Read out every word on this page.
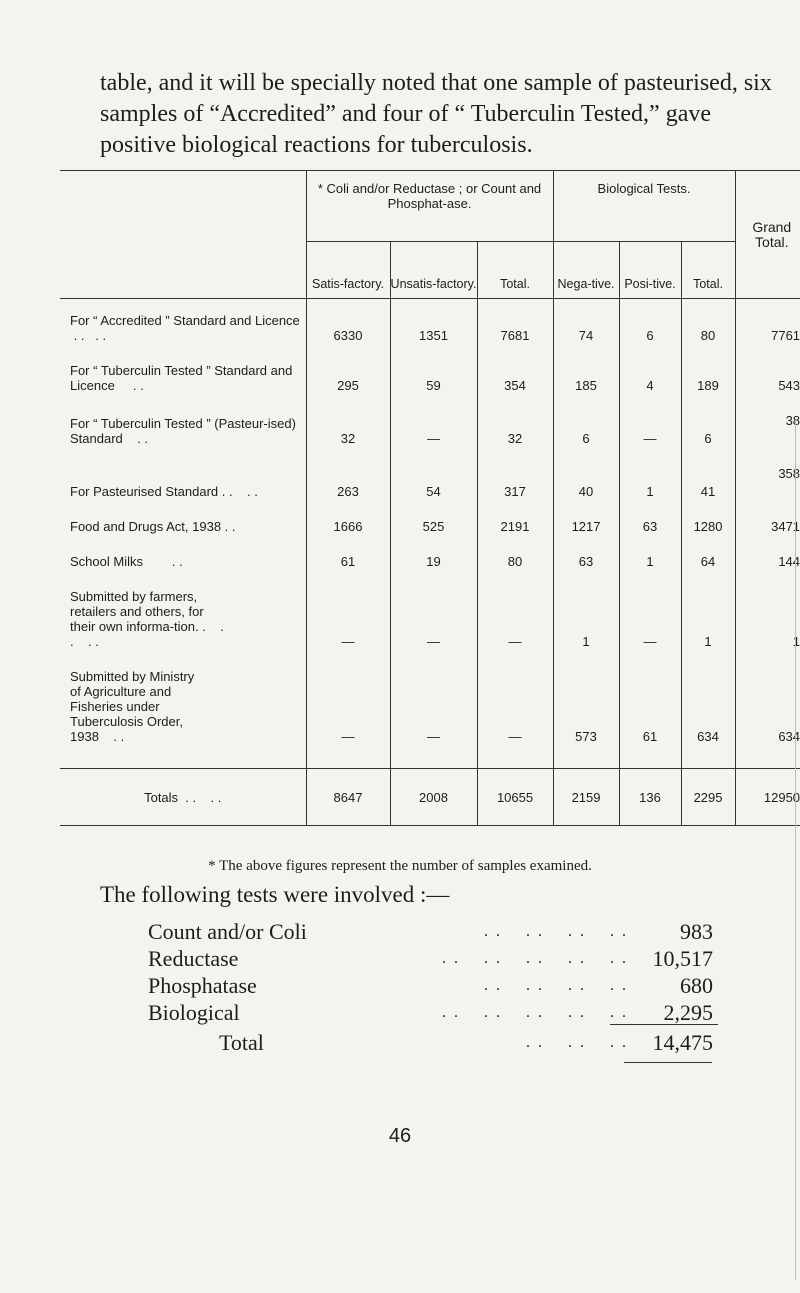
table, and it will be specially noted that one sample of pasteurised, six samples of “Accredited” and four of “ Tuberculin Tested,” gave positive biological reactions for tuberculosis.

	* Coli and/or Reductase ; or Count and Phosphat-ase.			Biological Tests.			Grand Total.
	Satis-factory.	Unsatis-factory.	Total.	Nega-tive.	Posi-tive.	Total.	
For “ Accredited ” Standard and Licence  . .   . .	6330	1351	7681	74	6	80	7761

For “ Tuberculin Tested ” Standard and Licence     . .	295	59	354	185	4	189	543

For “ Tuberculin Tested ” (Pasteur-ised) Standard    . .	32	—	32	6	—	6	38

For Pasteurised Standard . .    . .	263	54	317	40	1	41	358

Food and Drugs Act, 1938 . .	1666	525	2191	1217	63	1280	3471

School Milks        . .	61	19	80	63	1	64	144

Submitted by farmers, retailers and others, for their own informa-tion. .    . .    . .	—	—	—	1	—	1	1

Submitted by Ministry of Agriculture and Fisheries under Tuberculosis Order, 1938    . .	—	—	—	573	61	634	634

Totals  . .    . .	8647	2008	10655	2159	136	2295	12950

* The above figures represent the number of samples examined.

The following tests were involved :—

Count and/or Coli	. .    . .    . .    . . 983
Reductase	. .    . .    . .    . .    . . 10,517
Phosphatase	. .    . .    . .    . . 680
Biological	. .    . .    . .    . .    . . 2,295
Total	. .    . .    . . 14,475

46
